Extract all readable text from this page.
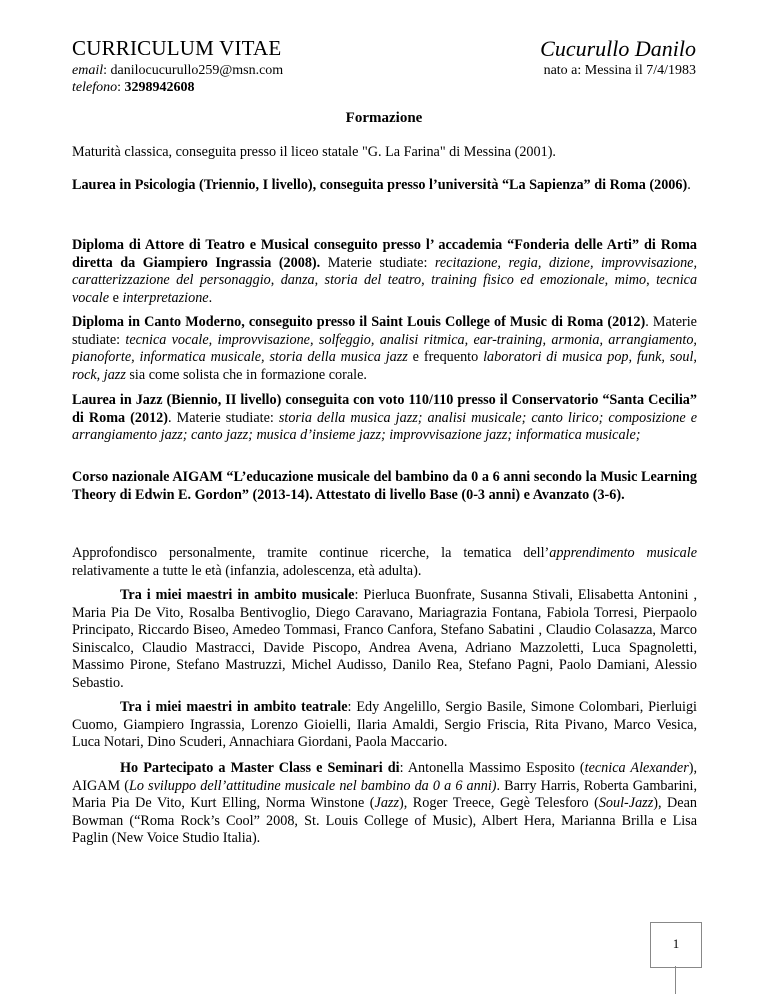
CURRICULUM VITAE	Cucurullo Danilo
email: danilocucurullo259@msn.com
telefono: 3298942608
nato a: Messina il 7/4/1983
Formazione
Maturità classica, conseguita presso il liceo statale "G. La Farina" di Messina (2001).
Laurea in Psicologia (Triennio, I livello), conseguita presso l’università “La Sapienza” di Roma (2006).
Diploma di Attore di Teatro e Musical conseguito presso l’ accademia “Fonderia delle Arti” di Roma diretta da Giampiero Ingrassia (2008). Materie studiate: recitazione, regia, dizione, improvvisazione, caratterizzazione del personaggio, danza, storia del teatro, training fisico ed emozionale, mimo, tecnica vocale e interpretazione.
Diploma in Canto Moderno, conseguito presso il Saint Louis College of Music di Roma (2012). Materie studiate: tecnica vocale, improvvisazione, solfeggio, analisi ritmica, ear-training, armonia, arrangiamento, pianoforte, informatica musicale, storia della musica jazz e frequento laboratori di musica pop, funk, soul, rock, jazz sia come solista che in formazione corale.
Laurea in Jazz (Biennio, II livello) conseguita con voto 110/110 presso il Conservatorio “Santa Cecilia” di Roma (2012). Materie studiate: storia della musica jazz; analisi musicale; canto lirico; composizione e arrangiamento jazz; canto jazz; musica d’insieme jazz; improvvisazione jazz; informatica musicale;
Corso nazionale AIGAM “L’educazione musicale del bambino da 0 a 6 anni secondo la Music Learning Theory di Edwin E. Gordon” (2013-14). Attestato di livello Base (0-3 anni) e Avanzato (3-6).
Approfondisco personalmente, tramite continue ricerche, la tematica dell’apprendimento musicale relativamente a tutte le età (infanzia, adolescenza, età adulta).
Tra i miei maestri in ambito musicale: Pierluca Buonfrate, Susanna Stivali, Elisabetta Antonini , Maria Pia De Vito, Rosalba Bentivoglio, Diego Caravano, Mariagrazia Fontana, Fabiola Torresi, Pierpaolo Principato, Riccardo Biseo, Amedeo Tommasi, Franco Canfora, Stefano Sabatini , Claudio Colasazza, Marco Siniscalco, Claudio Mastracci, Davide Piscopo, Andrea Avena, Adriano Mazzoletti, Luca Spagnoletti, Massimo Pirone, Stefano Mastruzzi, Michel Audisso, Danilo Rea, Stefano Pagni, Paolo Damiani, Alessio Sebastio.
Tra i miei maestri in ambito teatrale: Edy Angelillo, Sergio Basile, Simone Colombari, Pierluigi Cuomo, Giampiero Ingrassia, Lorenzo Gioielli, Ilaria Amaldi, Sergio Friscia, Rita Pivano, Marco Vesica, Luca Notari, Dino Scuderi, Annachiara Giordani, Paola Maccario.
Ho Partecipato a Master Class e Seminari di: Antonella Massimo Esposito (tecnica Alexander), AIGAM (Lo sviluppo dell’attitudine musicale nel bambino da 0 a 6 anni). Barry Harris, Roberta Gambarini, Maria Pia De Vito, Kurt Elling, Norma Winstone (Jazz), Roger Treece, Gegè Telesforo (Soul-Jazz), Dean Bowman (“Roma Rock’s Cool” 2008, St. Louis College of Music), Albert Hera, Marianna Brilla e Lisa Paglin (New Voice Studio Italia).
1
